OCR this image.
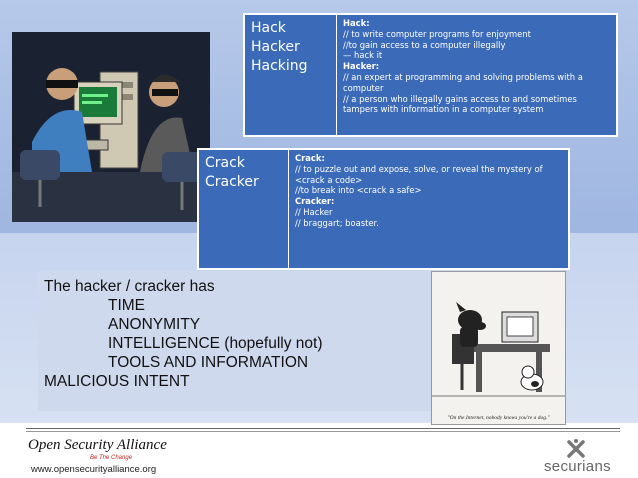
Hack
Hacker
Hacking
Hack:
// to write computer programs for enjoyment
//to gain access to a computer illegally
— hack it
Hacker:
// an expert at programming and solving problems with a computer
// a person who illegally gains access to and sometimes tampers with information in a computer system
Crack
Cracker
Crack:
// to puzzle out and expose, solve, or reveal the mystery of <crack a code>
//to break into <crack a safe>
Cracker:
// Hacker
// braggart; boaster.
The hacker / cracker has
TIME
ANONYMITY
INTELLIGENCE (hopefully not)
TOOLS AND INFORMATION
MALICIOUS INTENT
"On the Internet, nobody knows you're a dog."
Open Security Alliance
Be The Change
www.opensecurityalliance.org	securians
